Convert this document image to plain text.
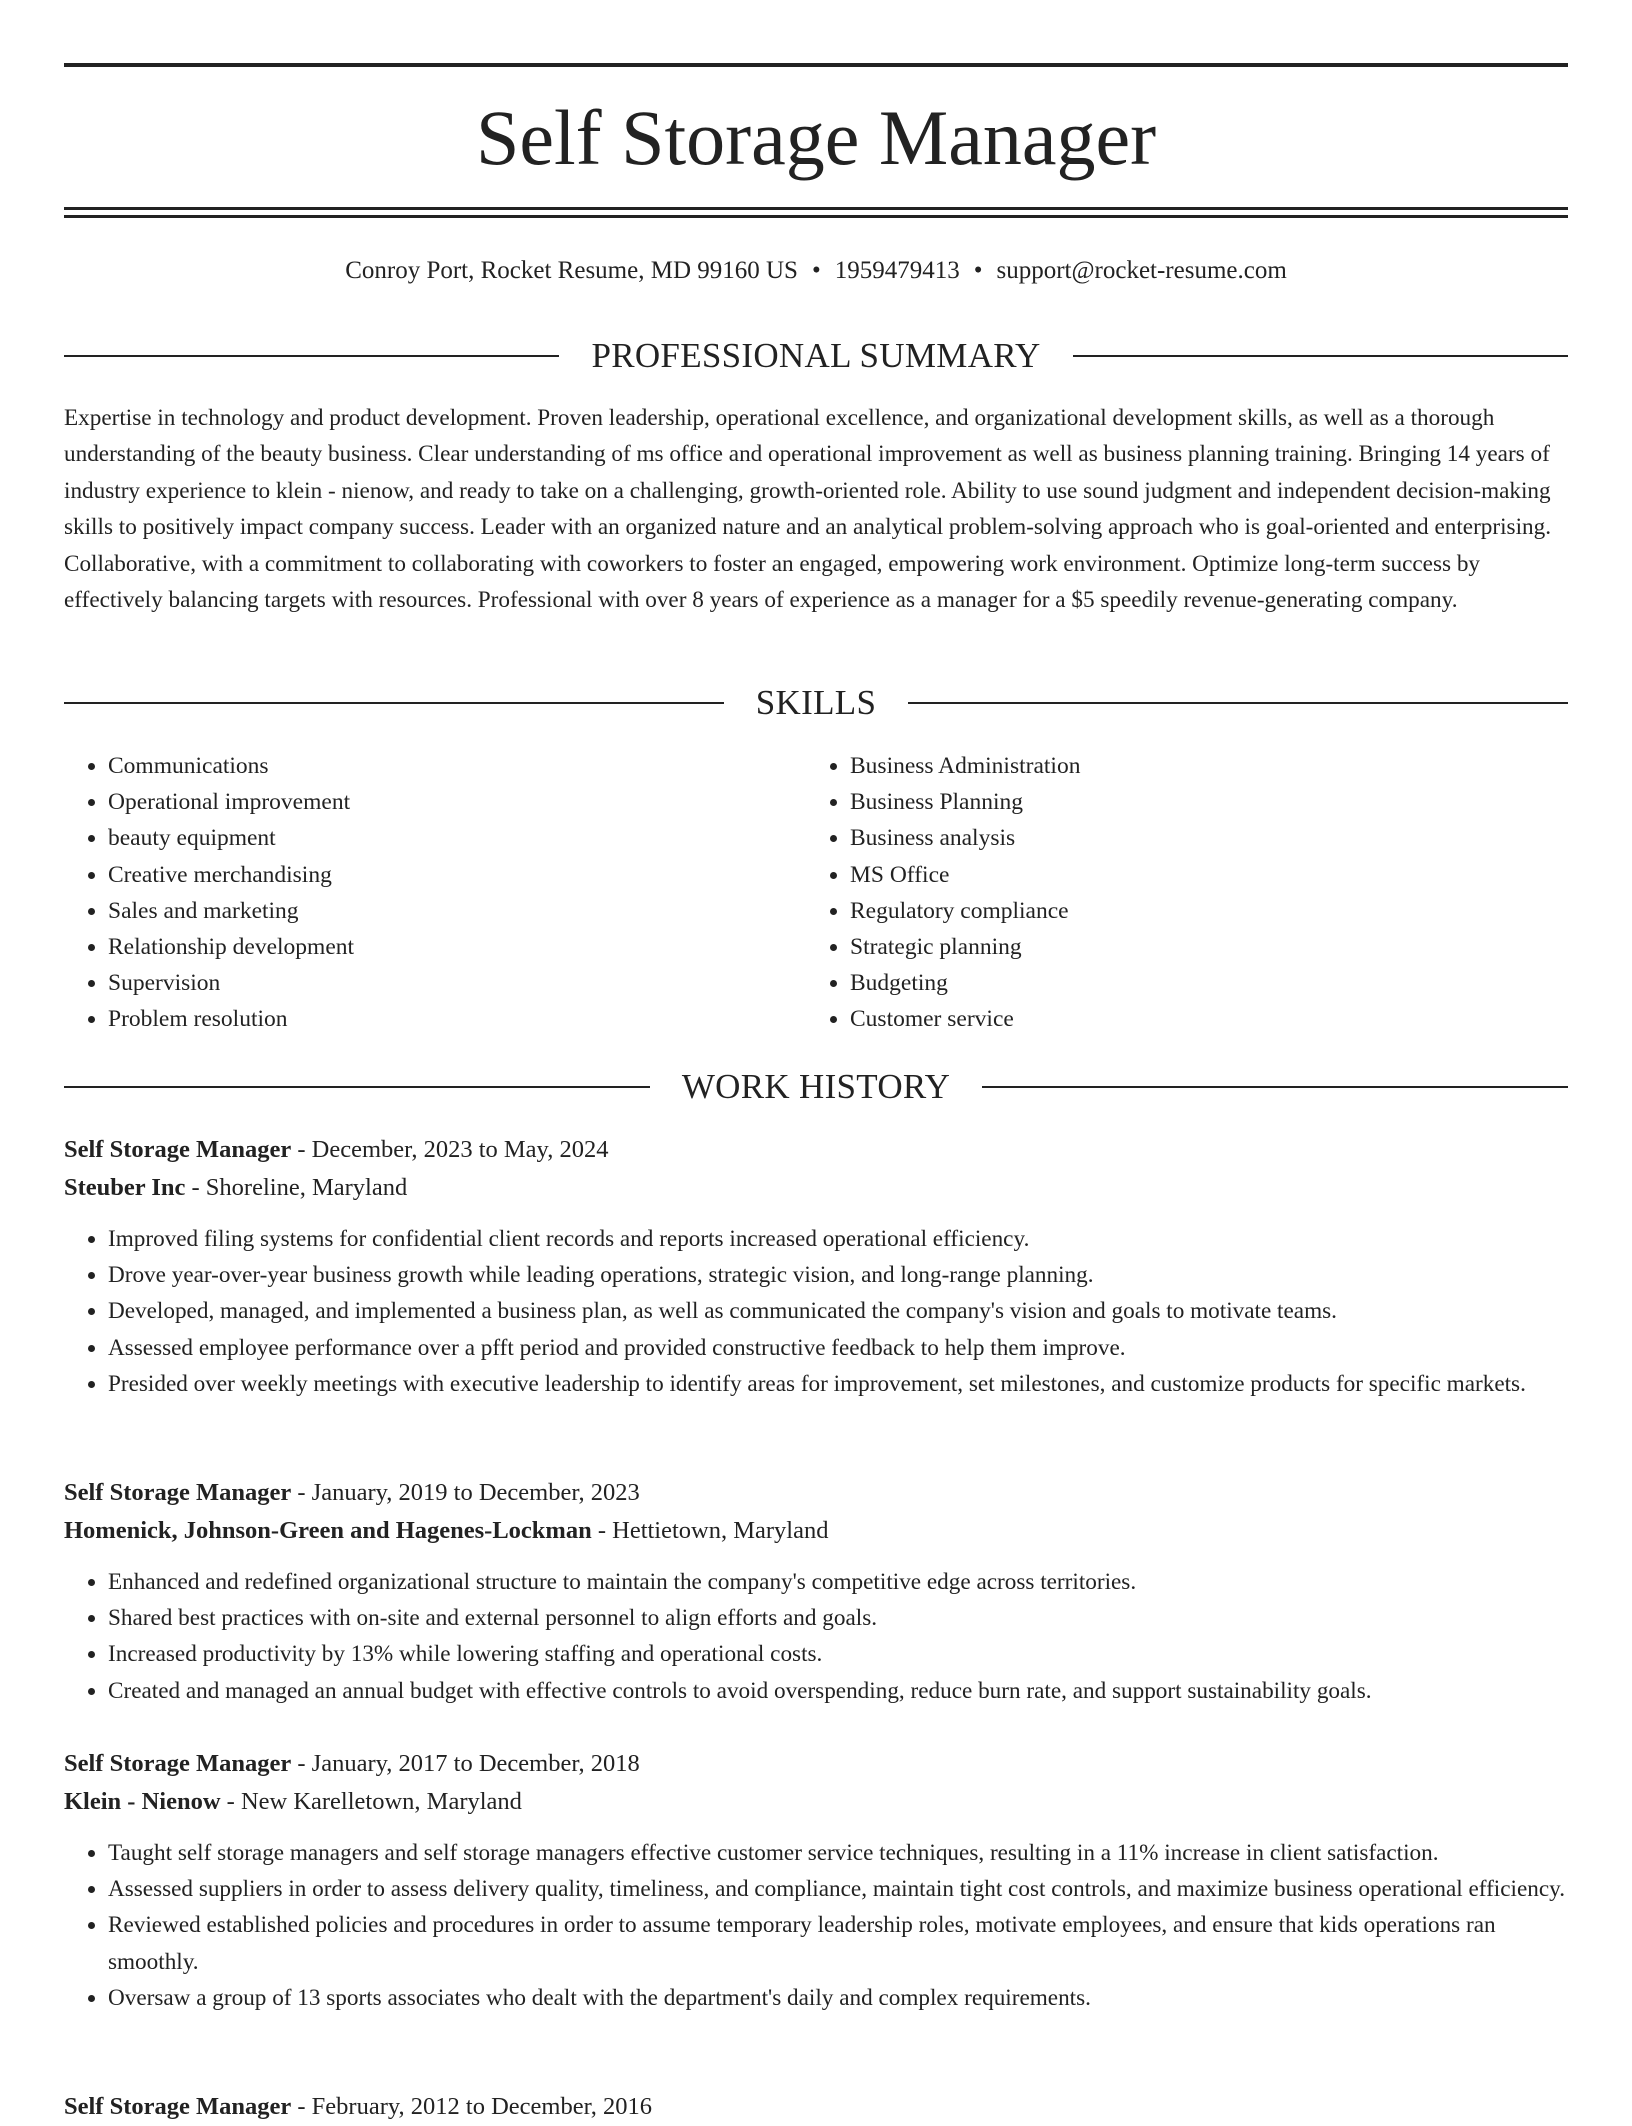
Self Storage Manager
Conroy Port, Rocket Resume, MD 99160 US • 1959479413 • support@rocket-resume.com
PROFESSIONAL SUMMARY

Expertise in technology and product development. Proven leadership, operational excellence, and organizational development skills, as well as a thorough understanding of the beauty business. Clear understanding of ms office and operational improvement as well as business planning training. Bringing 14 years of industry experience to klein - nienow, and ready to take on a challenging, growth-oriented role. Ability to use sound judgment and independent decision-making skills to positively impact company success. Leader with an organized nature and an analytical problem-solving approach who is goal-oriented and enterprising. Collaborative, with a commitment to collaborating with coworkers to foster an engaged, empowering work environment. Optimize long-term success by effectively balancing targets with resources. Professional with over 8 years of experience as a manager for a $5 speedily revenue-generating company.

SKILLS
• Communications
• Operational improvement
• beauty equipment
• Creative merchandising
• Sales and marketing
• Relationship development
• Supervision
• Problem resolution
• Business Administration
• Business Planning
• Business analysis
• MS Office
• Regulatory compliance
• Strategic planning
• Budgeting
• Customer service
WORK HISTORY
Self Storage Manager - December, 2023 to May, 2024
Steuber Inc - Shoreline, Maryland
• Improved filing systems for confidential client records and reports increased operational efficiency.
• Drove year-over-year business growth while leading operations, strategic vision, and long-range planning.
• Developed, managed, and implemented a business plan, as well as communicated the company's vision and goals to motivate teams.
• Assessed employee performance over a pfft period and provided constructive feedback to help them improve.
• Presided over weekly meetings with executive leadership to identify areas for improvement, set milestones, and customize products for specific markets.
Self Storage Manager - January, 2019 to December, 2023
Homenick, Johnson-Green and Hagenes-Lockman - Hettietown, Maryland
• Enhanced and redefined organizational structure to maintain the company's competitive edge across territories.
• Shared best practices with on-site and external personnel to align efforts and goals.
• Increased productivity by 13% while lowering staffing and operational costs.
• Created and managed an annual budget with effective controls to avoid overspending, reduce burn rate, and support sustainability goals.
Self Storage Manager - January, 2017 to December, 2018
Klein - Nienow - New Karelletown, Maryland
• Taught self storage managers and self storage managers effective customer service techniques, resulting in a 11% increase in client satisfaction.
• Assessed suppliers in order to assess delivery quality, timeliness, and compliance, maintain tight cost controls, and maximize business operational efficiency.
• Reviewed established policies and procedures in order to assume temporary leadership roles, motivate employees, and ensure that kids operations ran smoothly.
• Oversaw a group of 13 sports associates who dealt with the department's daily and complex requirements.
Self Storage Manager - February, 2012 to December, 2016
